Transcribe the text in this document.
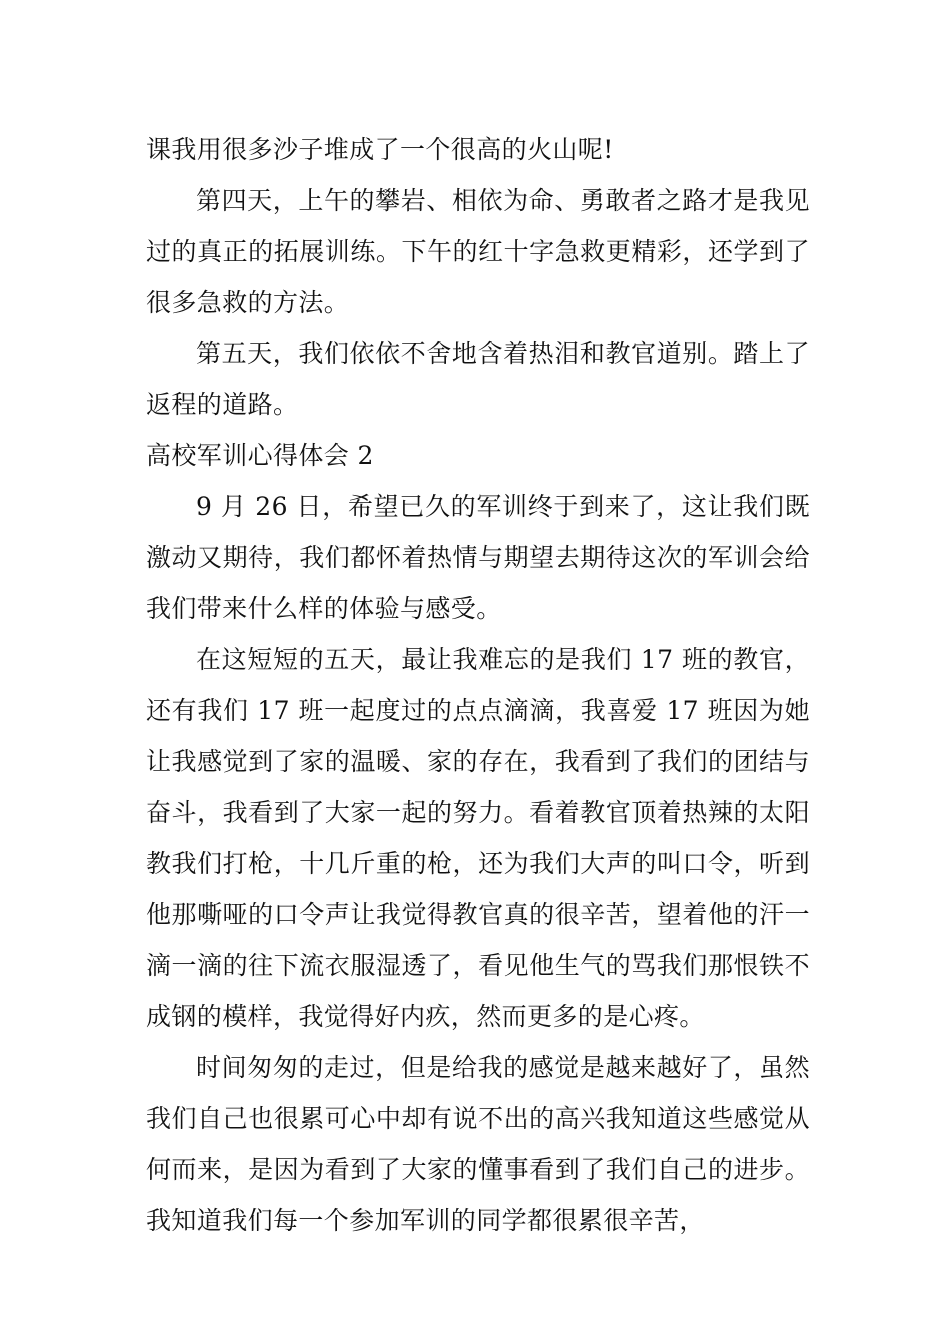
课我用很多沙子堆成了一个很高的火山呢!

第四天，上午的攀岩、相依为命、勇敢者之路才是我见过的真正的拓展训练。下午的红十字急救更精彩，还学到了很多急救的方法。

第五天，我们依依不舍地含着热泪和教官道别。踏上了返程的道路。

高校军训心得体会 2

9 月 26 日，希望已久的军训终于到来了，这让我们既激动又期待，我们都怀着热情与期望去期待这次的军训会给我们带来什么样的体验与感受。

在这短短的五天，最让我难忘的是我们 17 班的教官，还有我们 17 班一起度过的点点滴滴，我喜爱 17 班因为她让我感觉到了家的温暖、家的存在，我看到了我们的团结与奋斗，我看到了大家一起的努力。看着教官顶着热辣的太阳教我们打枪，十几斤重的枪，还为我们大声的叫口令，听到他那嘶哑的口令声让我觉得教官真的很辛苦，望着他的汗一滴一滴的往下流衣服湿透了，看见他生气的骂我们那恨铁不成钢的模样，我觉得好内疚，然而更多的是心疼。

时间匆匆的走过，但是给我的感觉是越来越好了，虽然我们自己也很累可心中却有说不出的高兴我知道这些感觉从何而来，是因为看到了大家的懂事看到了我们自己的进步。我知道我们每一个参加军训的同学都很累很辛苦，
